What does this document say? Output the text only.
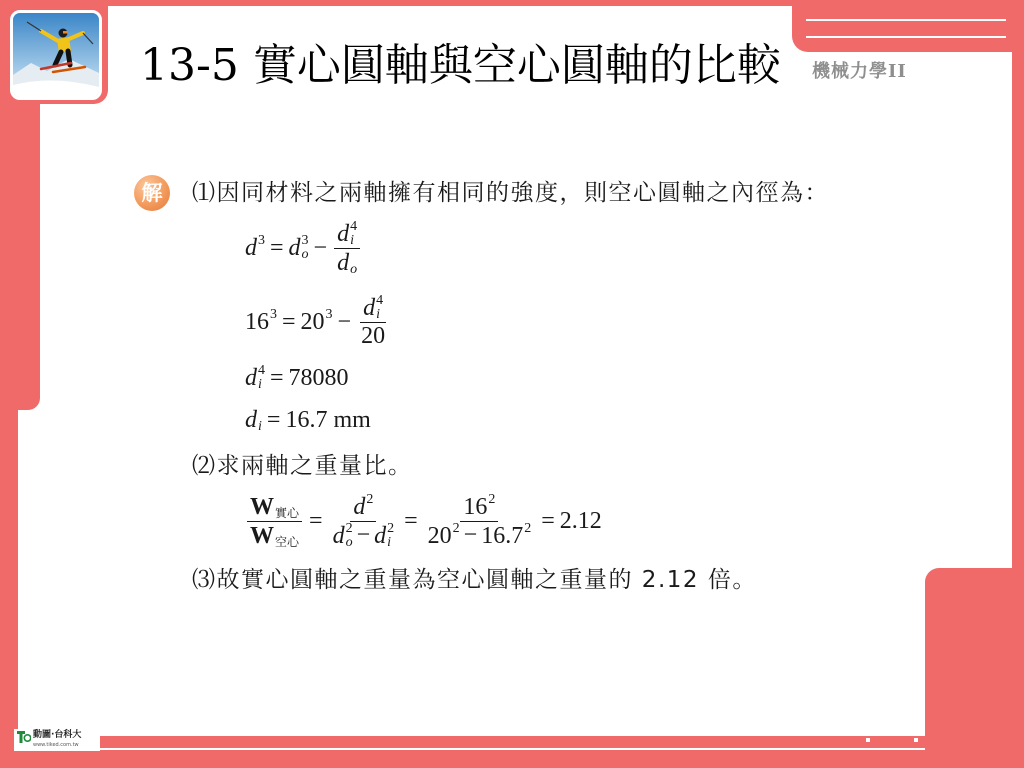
機械力學II
13-5 實心圓軸與空心圓軸的比較
解	⑴因同材料之兩軸擁有相同的強度，則空心圓軸之內徑為：
d 3 = d 3
o − d 4
i
d o
16 3 = 20 3 − d 4
i
20
d 4
i = 78080
d i = 16.7 mm
⑵求兩軸之重量比。
$\frac{\text{W 實心}}{\text{W 空心}}$ =
d 2
d 2
o − d 2
i
=
16 2
20 2 − 16.7 2 = 2.12
⑶故實心圓軸之重量為空心圓軸之重量的 2.12 倍。
動圖·台科大
www.tiked.com.tw
